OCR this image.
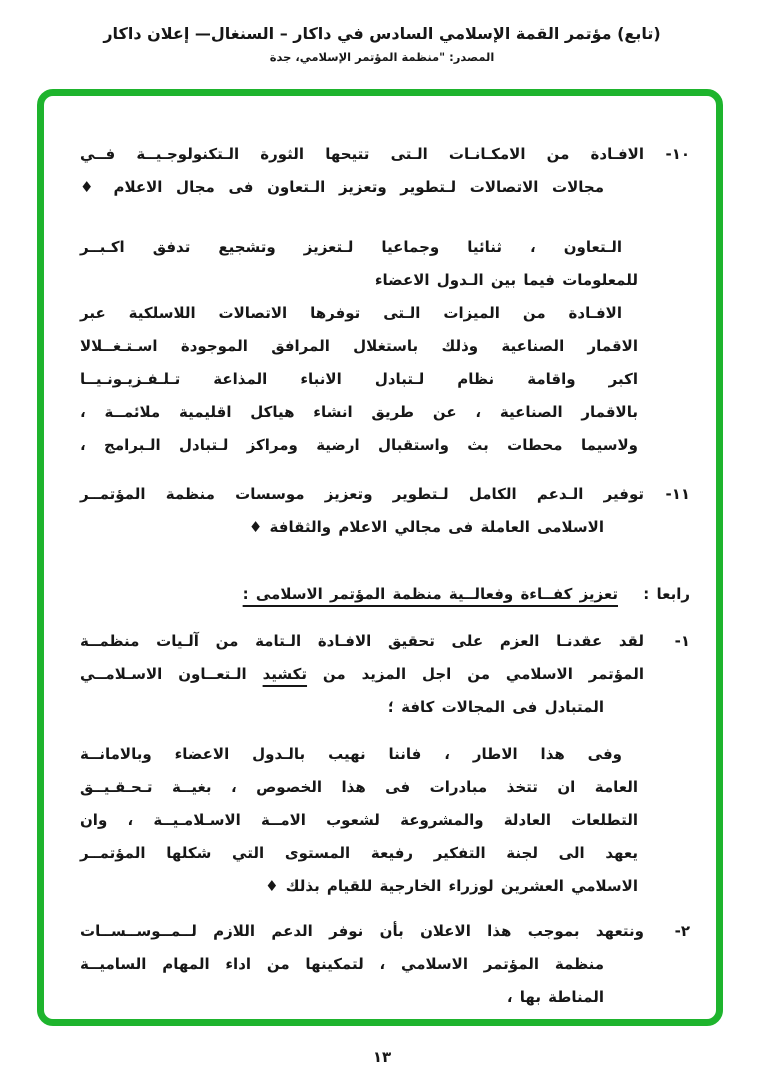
(تابع) مؤتمر القمة الإسلامي السادس في داكار – السنغال— إعلان داكار
المصدر: "منظمة المؤتمر الإسلامي، جدة
١٠-
الافـادة من الامكـانـات الـتى تتيحها الثورة الـتكنولوجـيــة فــي
مجالات الاتصالات لـتطوير وتعزيز الـتعاون فى مجال الاعلام ♦
الـتعاون ، ثنائيا وجماعيا لـتعزيز وتشجيع تدفق اكـبــر
للمعلومات فيما بين الـدول الاعضاء
الافـادة من الميزات الـتى توفرها الاتصالات اللاسلكية عبر
الاقمار الصناعية وذلك باستغلال المرافق الموجودة اسـتـغــلالا
اكبر واقامة نظام لـتبادل الانباء المذاعة تـلـفـزيـونـيــا
بالاقمار الصناعية ، عن طريق انشاء هياكل اقليمية ملائمــة ،
ولاسيما محطات بث واستقبال ارضية ومراكز لـتبادل الـبرامج ،
١١-
توفير الـدعم الكامل لـتطوير وتعزيز موسسات منظمة المؤتمــر
الاسلامى العاملة فى مجالي الاعلام والثقافة ♦
رابعا :
تعزيز كفــاءة وفعالــية منظمة المؤتمر الاسلامى :
١-
لقد عقدنـا العزم على تحقيق الافـادة الـتامة من آلـيات منظمــة
المؤتمر الاسلامي من اجل المزيد من تكشيد الـتعــاون الاسـلامــي
المتبادل فى المجالات كافة ؛
وفى هذا الاطار ، فاننا نهيب بالـدول الاعضاء وبالامانــة
العامة ان تتخذ مبادرات فى هذا الخصوص ، بغيــة تـحـقـيــق
التطلعات العادلة والمشروعة لشعوب الامــة الاسـلامـيــة ، وان
يعهد الى لجنة التفكير رفيعة المستوى التي شكلها المؤتمــر
الاسلامي العشرين لوزراء الخارجية للقيام بذلك ♦
٢-
ونتعهد بموجب هذا الاعلان بأن نوفر الدعم اللازم لــمــوســســات
منظمة المؤتمر الاسلامي ، لتمكينها من اداء المهام الساميــة
المناطة بها ،
١٣
